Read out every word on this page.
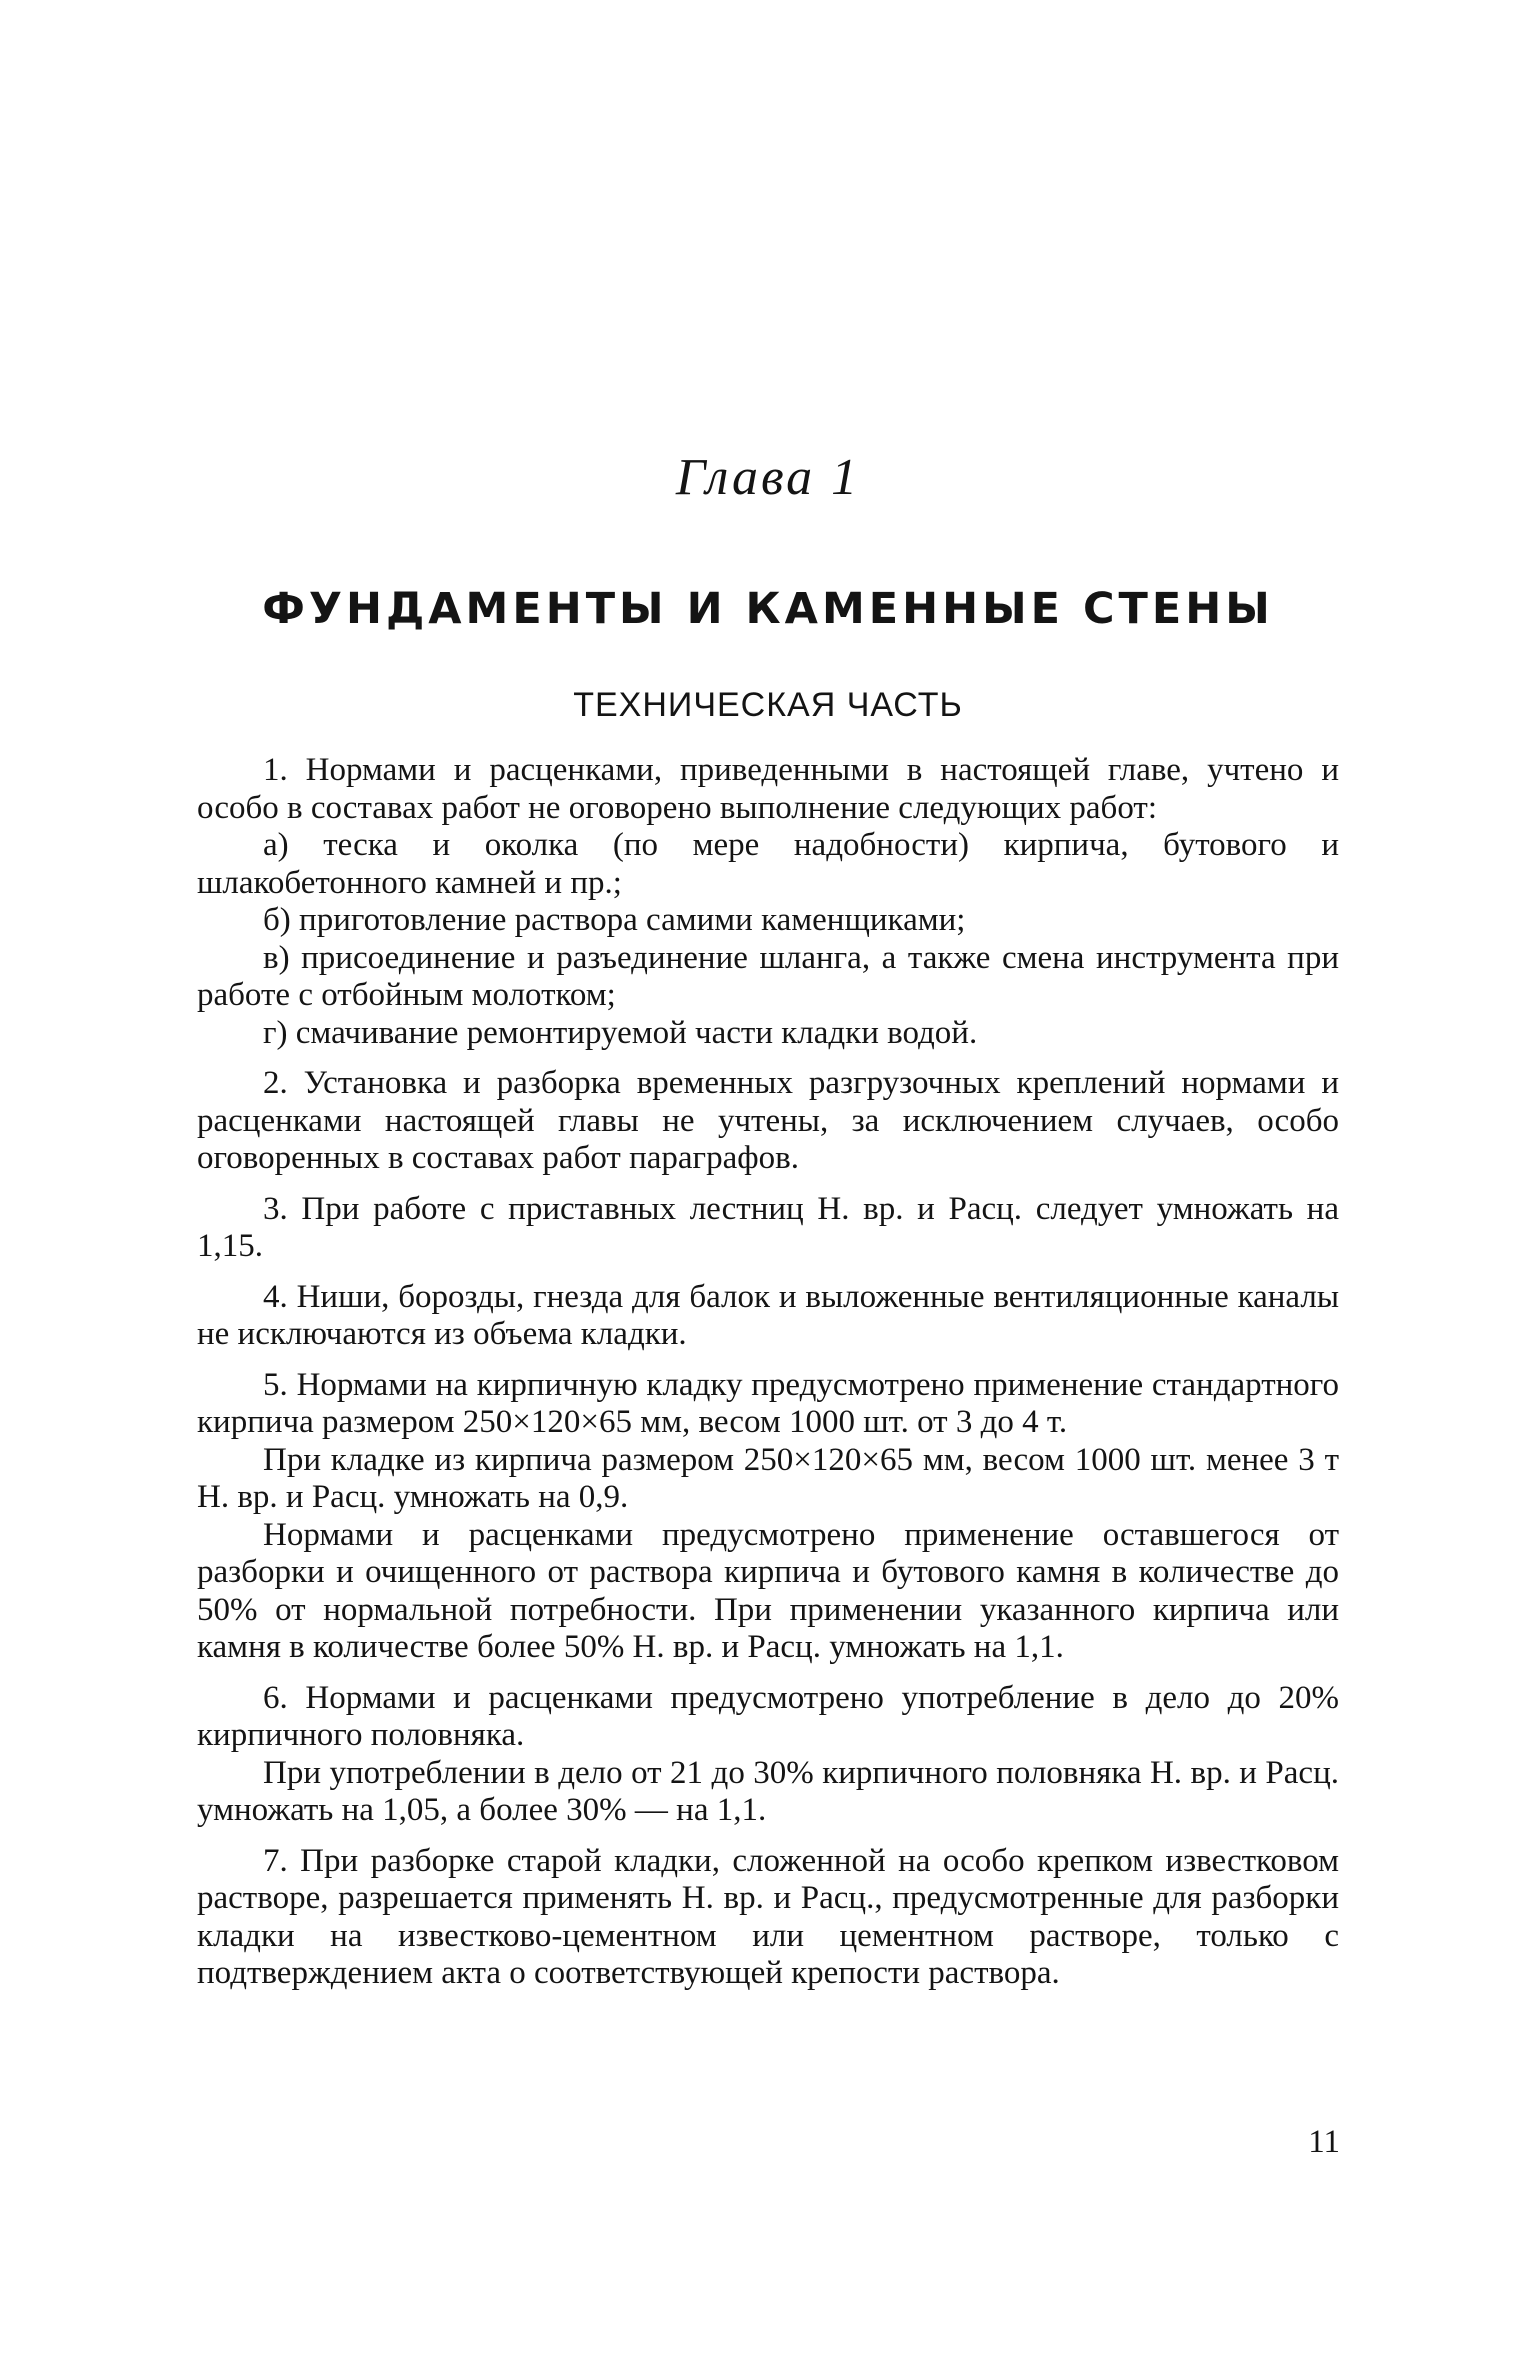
Глава 1
ФУНДАМЕНТЫ И КАМЕННЫЕ СТЕНЫ
ТЕХНИЧЕСКАЯ ЧАСТЬ

1. Нормами и расценками, приведенными в настоящей главе, учтено и особо в составах работ не оговорено выполнение следующих работ:

а) теска и околка (по мере надобности) кирпича, бутового и шлакобетонного камней и пр.;

б) приготовление раствора самими каменщиками;

в) присоединение и разъединение шланга, а также смена инструмента при работе с отбойным молотком;

г) смачивание ремонтируемой части кладки водой.

2. Установка и разборка временных разгрузочных креплений нормами и расценками настоящей главы не учтены, за исключением случаев, особо оговоренных в составах работ параграфов.

3. При работе с приставных лестниц Н. вр. и Расц. следует умножать на 1,15.

4. Ниши, борозды, гнезда для балок и выложенные вентиляционные каналы не исключаются из объема кладки.

5. Нормами на кирпичную кладку предусмотрено применение стандартного кирпича размером 250×120×65 мм, весом 1000 шт. от 3 до 4 т.

При кладке из кирпича размером 250×120×65 мм, весом 1000 шт. менее 3 т Н. вр. и Расц. умножать на 0,9.

Нормами и расценками предусмотрено применение оставшегося от разборки и очищенного от раствора кирпича и бутового камня в количестве до 50% от нормальной потребности. При применении указанного кирпича или камня в количестве более 50% Н. вр. и Расц. умножать на 1,1.

6. Нормами и расценками предусмотрено употребление в дело до 20% кирпичного половняка.

При употреблении в дело от 21 до 30% кирпичного половняка Н. вр. и Расц. умножать на 1,05, а более 30% — на 1,1.

7. При разборке старой кладки, сложенной на особо крепком известковом растворе, разрешается применять Н. вр. и Расц., предусмотренные для разборки кладки на известково-цементном или цементном растворе, только с подтверждением акта о соответствующей крепости раствора.

11
